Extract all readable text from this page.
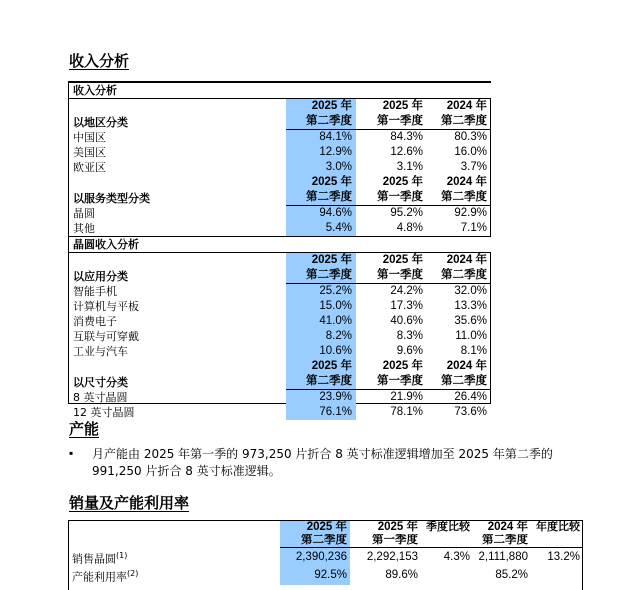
收入分析
收入分析			
以地区分类	2025 年	2025 年	2024 年
	第二季度	第一季度	第二季度
中国区	84.1%	84.3%	80.3%
美国区	12.9%	12.6%	16.0%
欧亚区	3.0%	3.1%	3.7%
以服务类型分类	2025 年	2025 年	2024 年
	第二季度	第一季度	第二季度
晶圆	94.6%	95.2%	92.9%
其他	5.4%	4.8%	7.1%
晶圆收入分析			
以应用分类	2025 年	2025 年	2024 年
	第二季度	第一季度	第二季度
智能手机	25.2%	24.2%	32.0%
计算机与平板	15.0%	17.3%	13.3%
消费电子	41.0%	40.6%	35.6%
互联与可穿戴	8.2%	8.3%	11.0%
工业与汽车	10.6%	9.6%	8.1%
以尺寸分类	2025 年	2025 年	2024 年
	第二季度	第一季度	第二季度
8 英寸晶圆	23.9%	21.9%	26.4%
12 英寸晶圆	76.1%	78.1%	73.6%
产能
▪ 月产能由 2025 年第一季的 973,250 片折合 8 英寸标准逻辑增加至 2025 年第二季的 991,250 片折合 8 英寸标准逻辑。
销量及产能利用率
	2025 年	2025 年	季度比较	2024 年	年度比较
	第二季度	第一季度		第二季度	
销售晶圆$^{(1)}$	2,390,236	2,292,153	4.3%	2,111,880	13.2%
产能利用率$^{(2)}$	92.5%	89.6%		85.2%	
